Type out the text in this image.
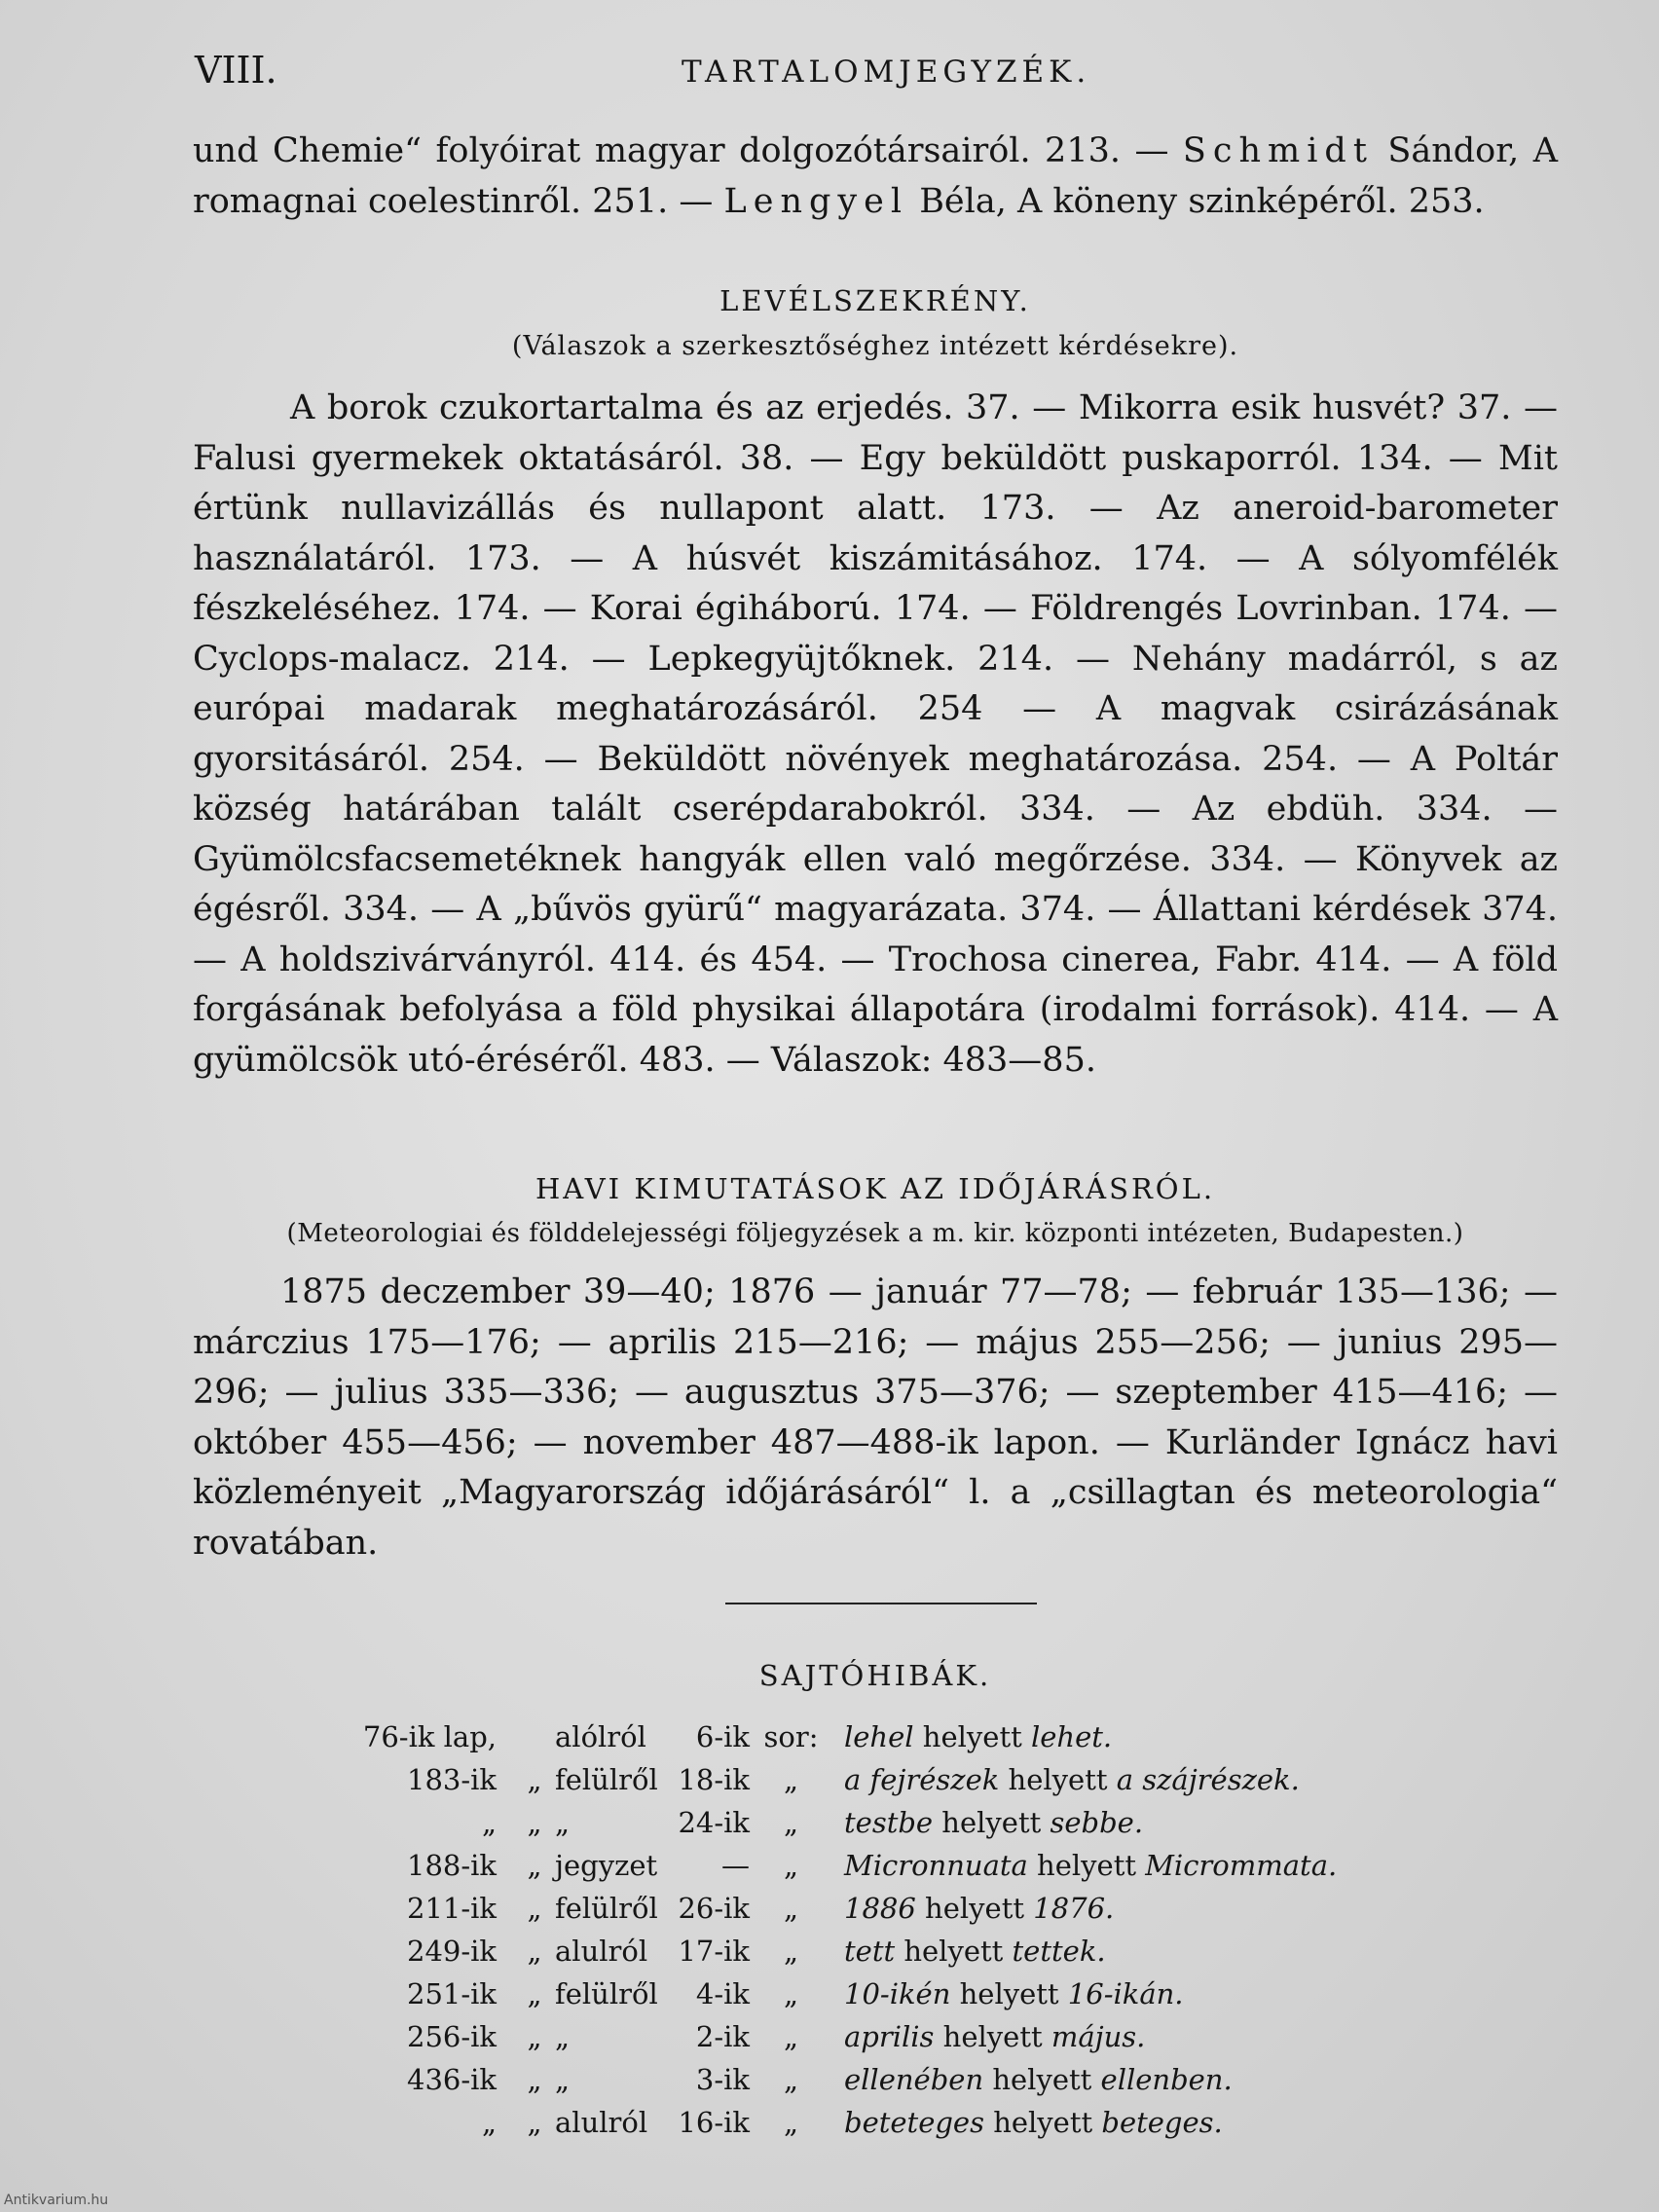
VIII.	TARTALOMJEGYZÉK.

und Chemie“ folyóirat magyar dolgozótársairól. 213. — Schmidt Sándor, A romagnai coelestinről. 251. — Lengyel Béla, A köneny szinképéről. 253.

LEVÉLSZEKRÉNY.
(Válaszok a szerkesztőséghez intézett kérdésekre).

A borok czukortartalma és az erjedés. 37. — Mikorra esik husvét? 37. — Falusi gyermekek oktatásáról. 38. — Egy beküldött puskaporról. 134. — Mit értünk nullavizállás és nullapont alatt. 173. — Az aneroid-barometer használatáról. 173. — A húsvét kiszámitásához. 174. — A sólyomfélék fészkeléséhez. 174. — Korai égiháború. 174. — Földrengés Lovrinban. 174. — Cyclops-malacz. 214. — Lepkegyüjtőknek. 214. — Nehány madárról, s az európai madarak meghatározásáról. 254 — A magvak csirázásának gyorsitásáról. 254. — Beküldött növények meghatározása. 254. — A Poltár község határában talált cserépdarabokról. 334. — Az ebdüh. 334. — Gyümölcsfacsemetéknek hangyák ellen való megőrzése. 334. — Könyvek az égésről. 334. — A „bűvös gyürű“ magyarázata. 374. — Állattani kérdések 374. — A holdszivárványról. 414. és 454. — Trochosa cinerea, Fabr. 414. — A föld forgásának befolyása a föld physikai állapotára (irodalmi források). 414. — A gyümölcsök utó-éréséről. 483. — Válaszok: 483—85.

HAVI KIMUTATÁSOK AZ IDŐJÁRÁSRÓL.
(Meteorologiai és földdelejességi följegyzések a m. kir. központi intézeten, Budapesten.)

1875 deczember 39—40; 1876 — január 77—78; — február 135—136; — márczius 175—176; — aprilis 215—216; — május 255—256; — junius 295—296; — julius 335—336; — augusztus 375—376; — szeptember 415—416; — október 455—456; — november 487—488-ik lapon. — Kurländer Ignácz havi közleményeit „Magyarország időjárásáról“ l. a „csillagtan és meteorologia“ rovatában.

SAJTÓHIBÁK.
76-ik lap,		alólról	6-ik	sor:	lehel helyett lehet.
183-ik	„	felülről	18-ik	„	a fejrészek helyett a szájrészek.
„	„	„	24-ik	„	testbe helyett sebbe.
188-ik	„	jegyzet	—	„	Micronnuata helyett Micrommata.
211-ik	„	felülről	26-ik	„	1886 helyett 1876.
249-ik	„	alulról	17-ik	„	tett helyett tettek.
251-ik	„	felülről	4-ik	„	10-ikén helyett 16-ikán.
256-ik	„	„	2-ik	„	aprilis helyett május.
436-ik	„	„	3-ik	„	ellenében helyett ellenben.
„	„	alulról	16-ik	„	beteteges helyett beteges.
Antikvarium.hu
